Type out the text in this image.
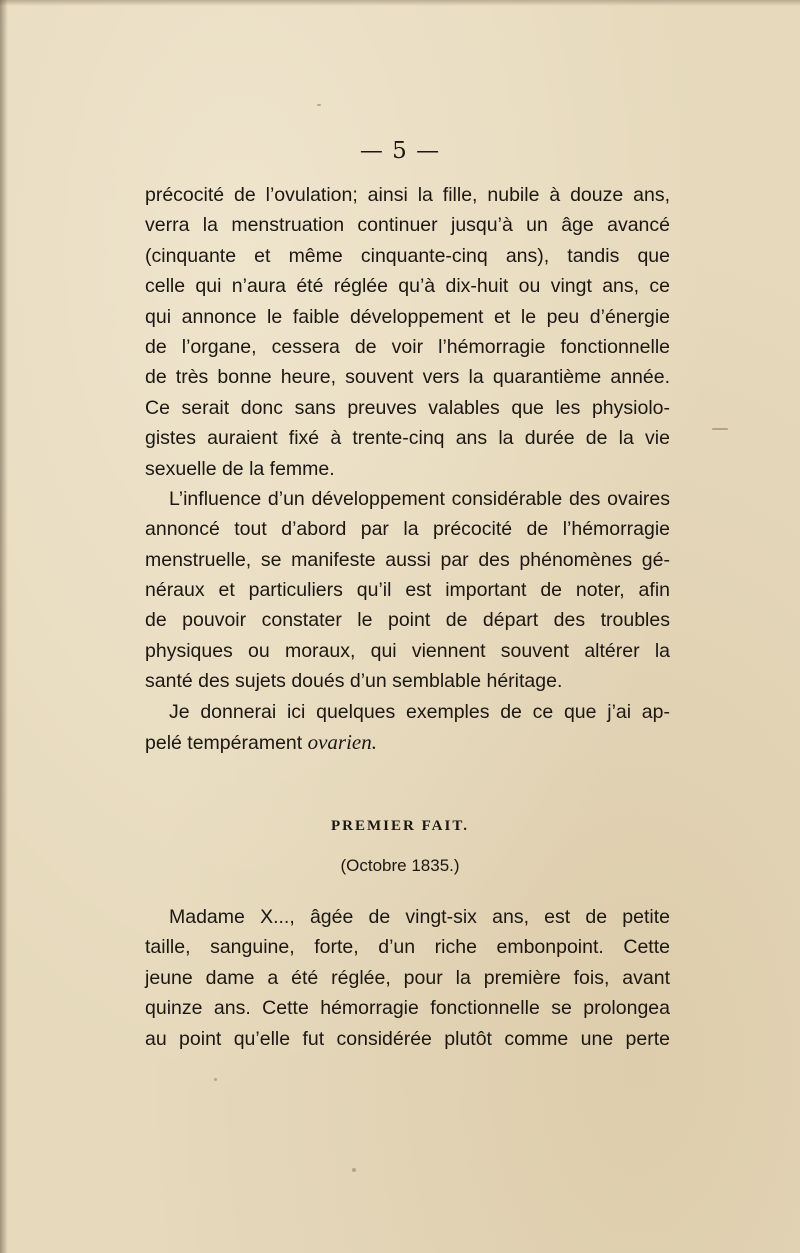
— 5 —
précocité de l’ovulation; ainsi la fille, nubile à douze ans,
verra la menstruation continuer jusqu’à un âge avancé
(cinquante et même cinquante-cinq ans), tandis que
celle qui n’aura été réglée qu’à dix-huit ou vingt ans, ce
qui annonce le faible développement et le peu d’énergie
de l’organe, cessera de voir l’hémorragie fonctionnelle
de très bonne heure, souvent vers la quarantième année.
Ce serait donc sans preuves valables que les physiolo-
gistes auraient fixé à trente-cinq ans la durée de la vie
sexuelle de la femme.
L’influence d’un développement considérable des ovaires
annoncé tout d’abord par la précocité de l’hémorragie
menstruelle, se manifeste aussi par des phénomènes gé-
néraux et particuliers qu’il est important de noter, afin
de pouvoir constater le point de départ des troubles
physiques ou moraux, qui viennent souvent altérer la
santé des sujets doués d’un semblable héritage.
Je donnerai ici quelques exemples de ce que j’ai ap-
pelé tempérament ovarien.
PREMIER FAIT.
(Octobre 1835.)
Madame X..., âgée de vingt-six ans, est de petite
taille, sanguine, forte, d’un riche embonpoint. Cette
jeune dame a été réglée, pour la première fois, avant
quinze ans. Cette hémorragie fonctionnelle se prolongea
au point qu’elle fut considérée plutôt comme une perte
